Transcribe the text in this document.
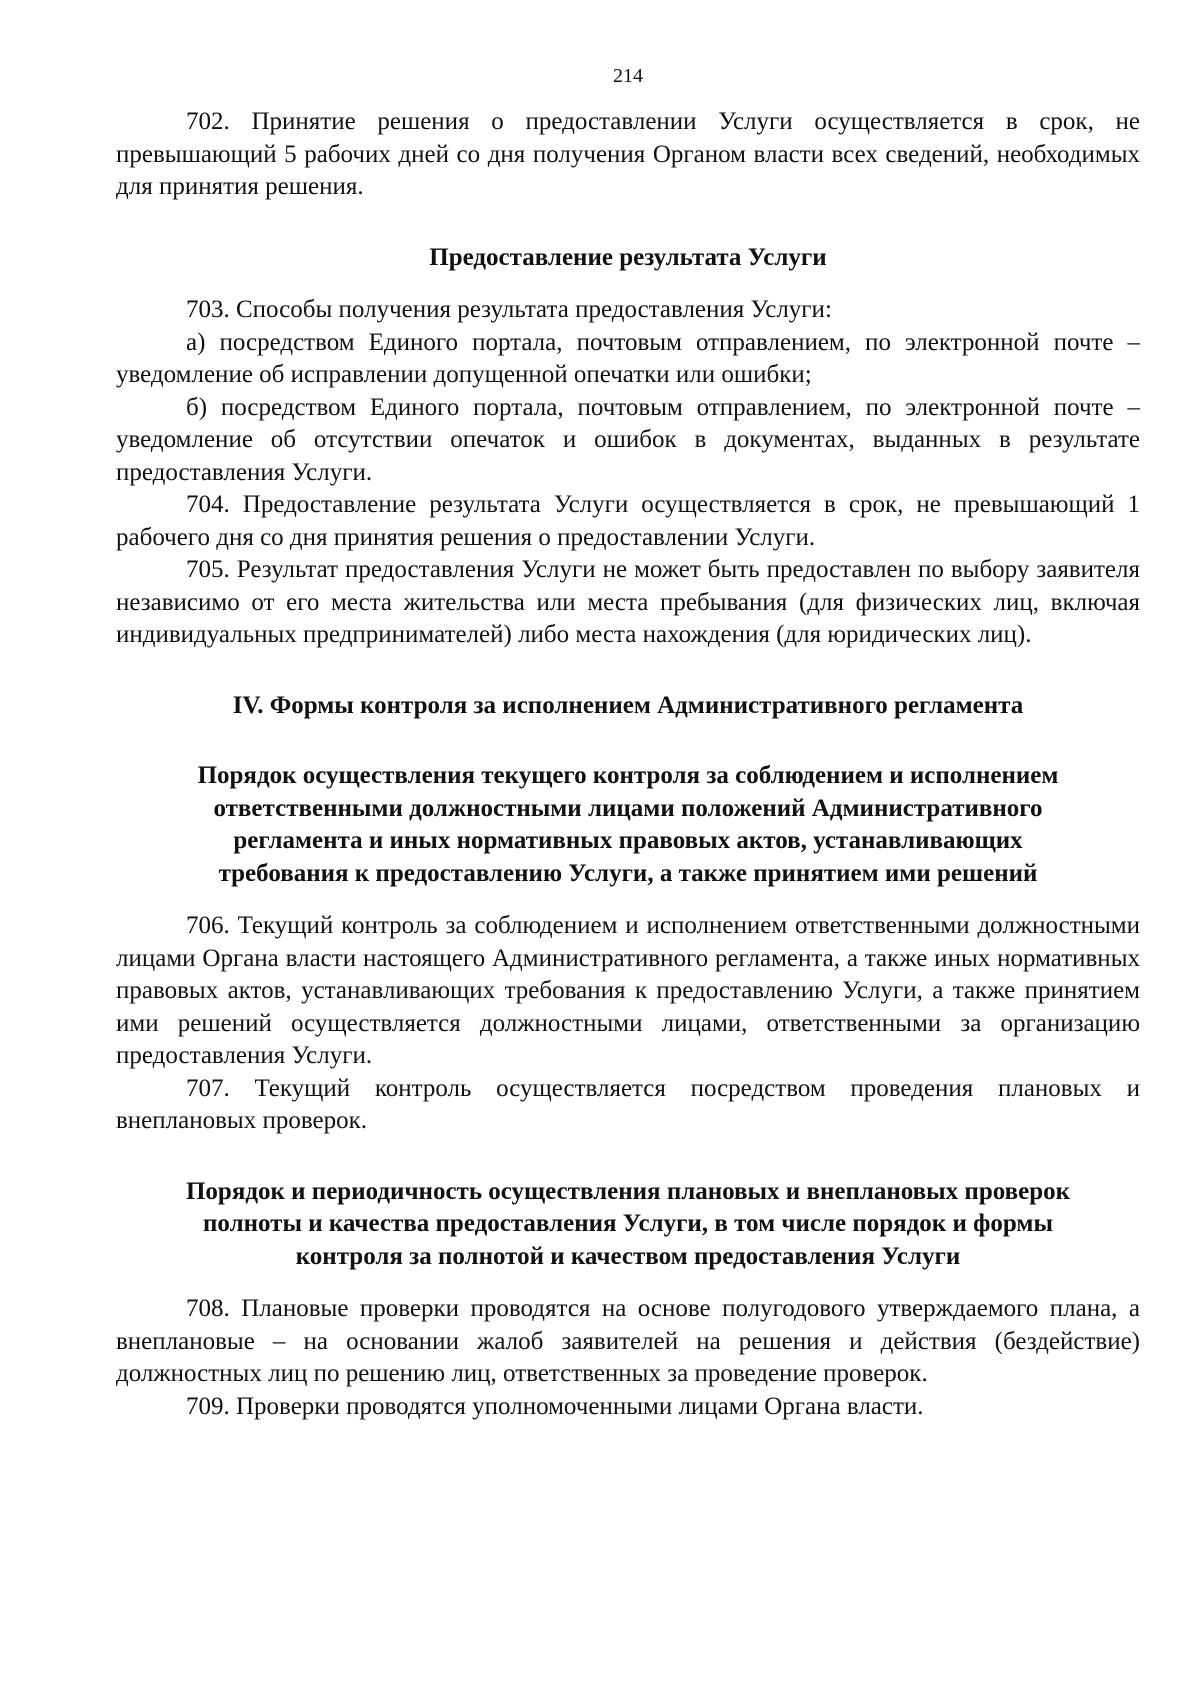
214

702. Принятие решения о предоставлении Услуги осуществляется в срок, не превышающий 5 рабочих дней со дня получения Органом власти всех сведений, необходимых для принятия решения.

Предоставление результата Услуги

703. Способы получения результата предоставления Услуги:

а) посредством Единого портала, почтовым отправлением, по электронной почте – уведомление об исправлении допущенной опечатки или ошибки;

б) посредством Единого портала, почтовым отправлением, по электронной почте – уведомление об отсутствии опечаток и ошибок в документах, выданных в результате предоставления Услуги.

704. Предоставление результата Услуги осуществляется в срок, не превышающий 1 рабочего дня со дня принятия решения о предоставлении Услуги.

705. Результат предоставления Услуги не может быть предоставлен по выбору заявителя независимо от его места жительства или места пребывания (для физических лиц, включая индивидуальных предпринимателей) либо места нахождения (для юридических лиц).

IV. Формы контроля за исполнением Административного регламента
Порядок осуществления текущего контроля за соблюдением и исполнением
ответственными должностными лицами положений Административного
регламента и иных нормативных правовых актов, устанавливающих
требования к предоставлению Услуги, а также принятием ими решений

706. Текущий контроль за соблюдением и исполнением ответственными должностными лицами Органа власти настоящего Административного регламента, а также иных нормативных правовых актов, устанавливающих требования к предоставлению Услуги, а также принятием ими решений осуществляется должностными лицами, ответственными за организацию предоставления Услуги.

707. Текущий контроль осуществляется посредством проведения плановых и внеплановых проверок.

Порядок и периодичность осуществления плановых и внеплановых проверок
полноты и качества предоставления Услуги, в том числе порядок и формы
контроля за полнотой и качеством предоставления Услуги

708. Плановые проверки проводятся на основе полугодового утверждаемого плана, а внеплановые – на основании жалоб заявителей на решения и действия (бездействие) должностных лиц по решению лиц, ответственных за проведение проверок.

709. Проверки проводятся уполномоченными лицами Органа власти.
